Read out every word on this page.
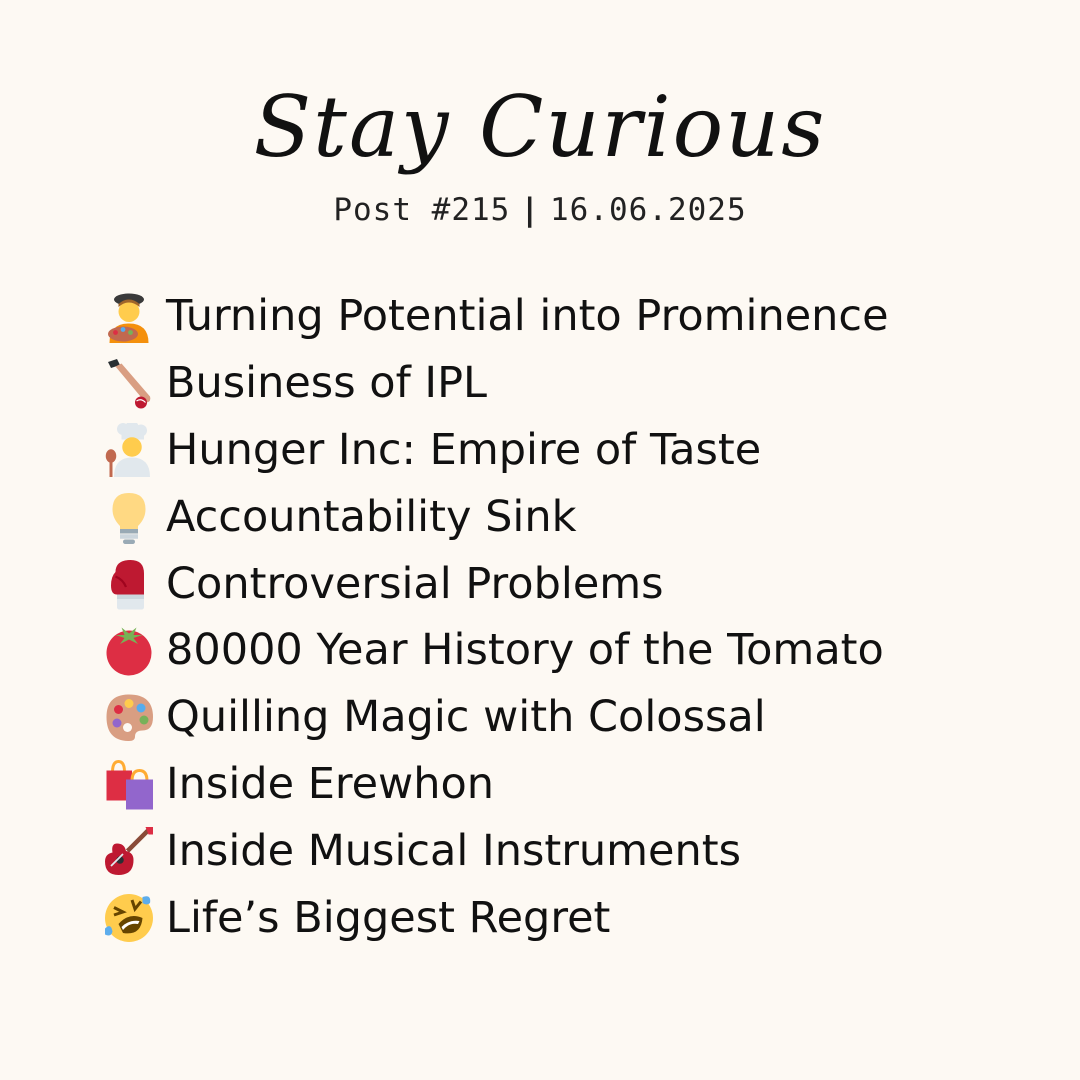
Stay Curious
Post #215 | 16.06.2025
Turning Potential into Prominence
Business of IPL
Hunger Inc: Empire of Taste
Accountability Sink
Controversial Problems
80000 Year History of the Tomato
Quilling Magic with Colossal
Inside Erewhon
Inside Musical Instruments
Life’s Biggest Regret
